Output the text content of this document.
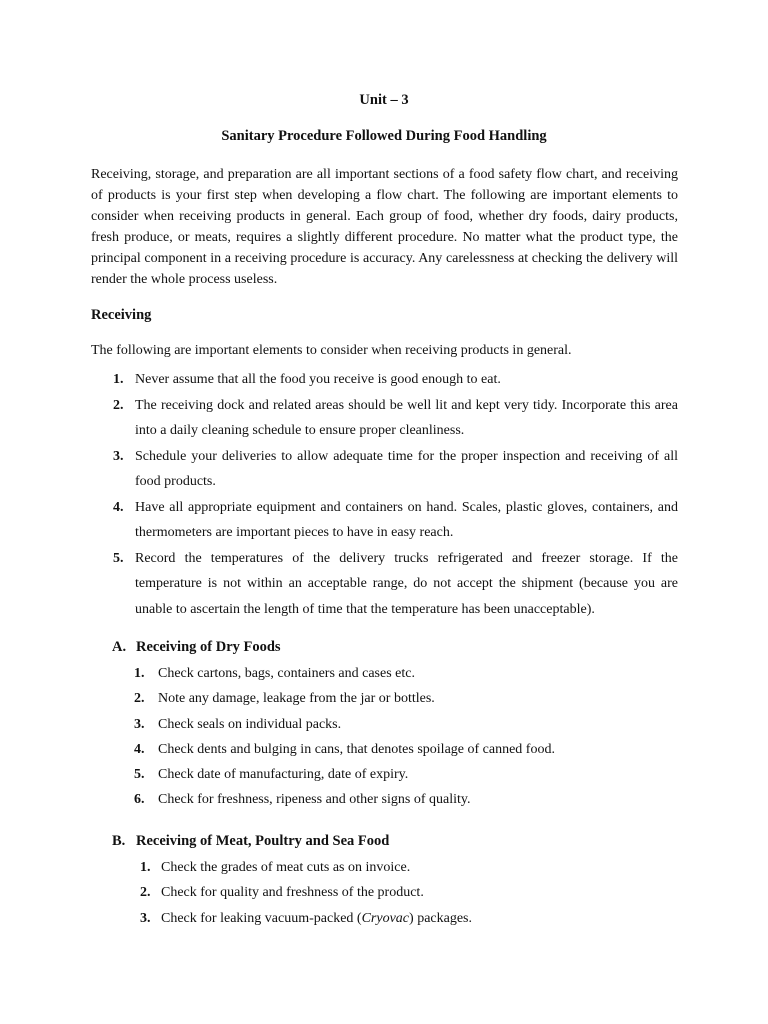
Unit – 3
Sanitary Procedure Followed During Food Handling

Receiving, storage, and preparation are all important sections of a food safety flow chart, and receiving of products is your first step when developing a flow chart. The following are important elements to consider when receiving products in general. Each group of food, whether dry foods, dairy products, fresh produce, or meats, requires a slightly different procedure. No matter what the product type, the principal component in a receiving procedure is accuracy. Any carelessness at checking the delivery will render the whole process useless.

Receiving

The following are important elements to consider when receiving products in general.

1. Never assume that all the food you receive is good enough to eat.
2. The receiving dock and related areas should be well lit and kept very tidy. Incorporate this area into a daily cleaning schedule to ensure proper cleanliness.
3. Schedule your deliveries to allow adequate time for the proper inspection and receiving of all food products.
4. Have all appropriate equipment and containers on hand. Scales, plastic gloves, containers, and thermometers are important pieces to have in easy reach.
5. Record the temperatures of the delivery trucks refrigerated and freezer storage. If the temperature is not within an acceptable range, do not accept the shipment (because you are unable to ascertain the length of time that the temperature has been unacceptable).
A. Receiving of Dry Foods
1. Check cartons, bags, containers and cases etc.
2. Note any damage, leakage from the jar or bottles.
3. Check seals on individual packs.
4. Check dents and bulging in cans, that denotes spoilage of canned food.
5. Check date of manufacturing, date of expiry.
6. Check for freshness, ripeness and other signs of quality.
B. Receiving of Meat, Poultry and Sea Food
1. Check the grades of meat cuts as on invoice.
2. Check for quality and freshness of the product.
3. Check for leaking vacuum-packed (Cryovac) packages.
